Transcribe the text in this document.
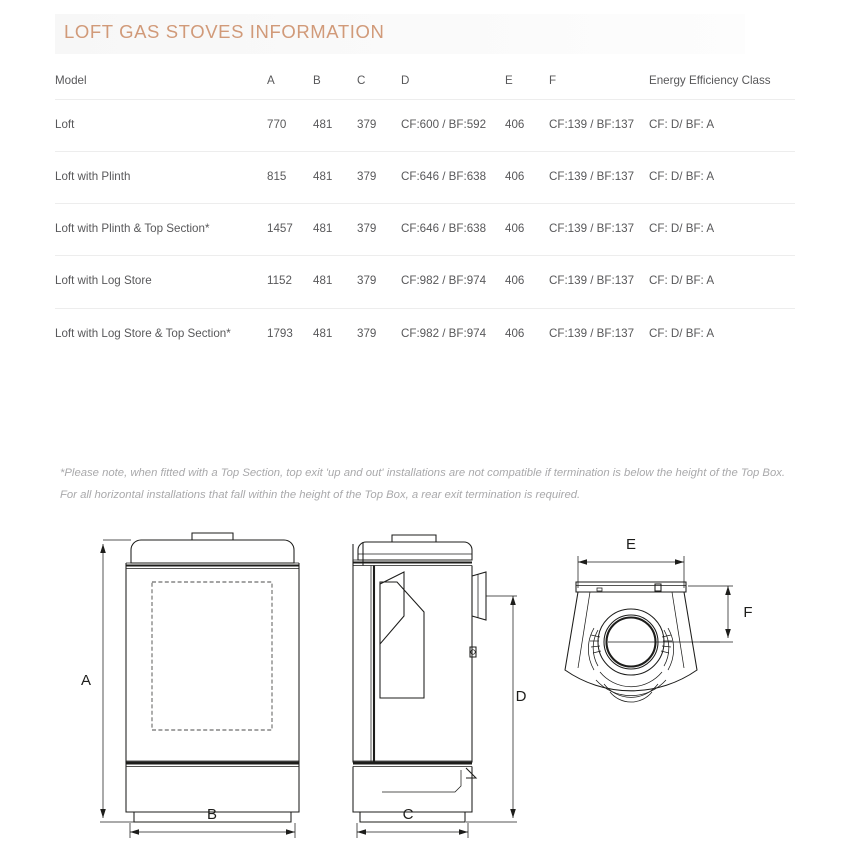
LOFT GAS STOVES INFORMATION
Model	A	B	C	D	E	F	Energy Efficiency Class
Loft	770	481	379	CF:600 / BF:592	406	CF:139 / BF:137	CF: D/ BF: A
Loft with Plinth	815	481	379	CF:646 / BF:638	406	CF:139 / BF:137	CF: D/ BF: A
Loft with Plinth & Top Section*	1457	481	379	CF:646 / BF:638	406	CF:139 / BF:137	CF: D/ BF: A
Loft with Log Store	1152	481	379	CF:982 / BF:974	406	CF:139 / BF:137	CF: D/ BF: A
Loft with Log Store & Top Section*	1793	481	379	CF:982 / BF:974	406	CF:139 / BF:137	CF: D/ BF: A
*Please note, when fitted with a Top Section, top exit 'up and out' installations are not compatible if termination is below the height of the Top Box. For all horizontal installations that fall within the height of the Top Box, a rear exit termination is required.
A
B	C
D
E
F
